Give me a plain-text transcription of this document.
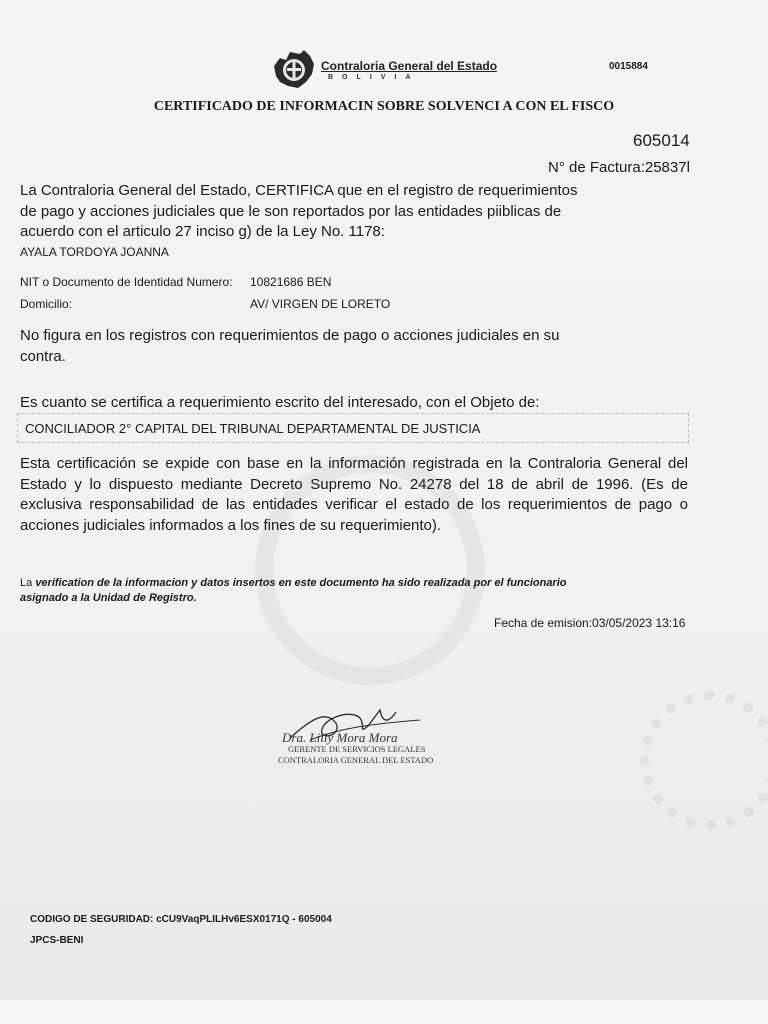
Contraloria General del Estado
BOLIVIA
0015884
CERTIFICADO DE INFORMACIN SOBRE SOLVENCI A CON EL FISCO
605014
N° de Factura:25837l
La Contraloria General del Estado, CERTIFICA que en el registro de requerimientos de pago y acciones judiciales que le son reportados por las entidades piiblicas de acuerdo con el articulo 27 inciso g) de la Ley No. 1178:
AYALA TORDOYA JOANNA
NIT o Documento de Identidad Numero: 10821686 BEN
Domicilio:	AV/ VIRGEN DE LORETO
No figura en los registros con requerimientos de pago o acciones judiciales en su contra.
Es cuanto se certifica a requerimiento escrito del interesado, con el Objeto de:
CONCILIADOR 2° CAPITAL DEL TRIBUNAL DEPARTAMENTAL DE JUSTICIA
Esta certificación se expide con base en la información registrada en la Contraloria General del Estado y lo dispuesto mediante Decreto Supremo No. 24278 del 18 de abril de 1996. (Es de exclusiva responsabilidad de las entidades verificar el estado de los requerimientos de pago o acciones judiciales informados a los fines de su requerimiento).
La verification de la informacion y datos insertos en este documento ha sido realizada por el funcionario asignado a la Unidad de Registro.
Fecha de emision:03/05/2023 13:16
Dra. Lilly Mora Mora
GERENTE DE SERVICIOS LEGALES
CONTRALORIA GENERAL DEL ESTADO
CODIGO DE SEGURIDAD: cCU9VaqPLILHv6ESX0171Q - 605004
JPCS-BENI
